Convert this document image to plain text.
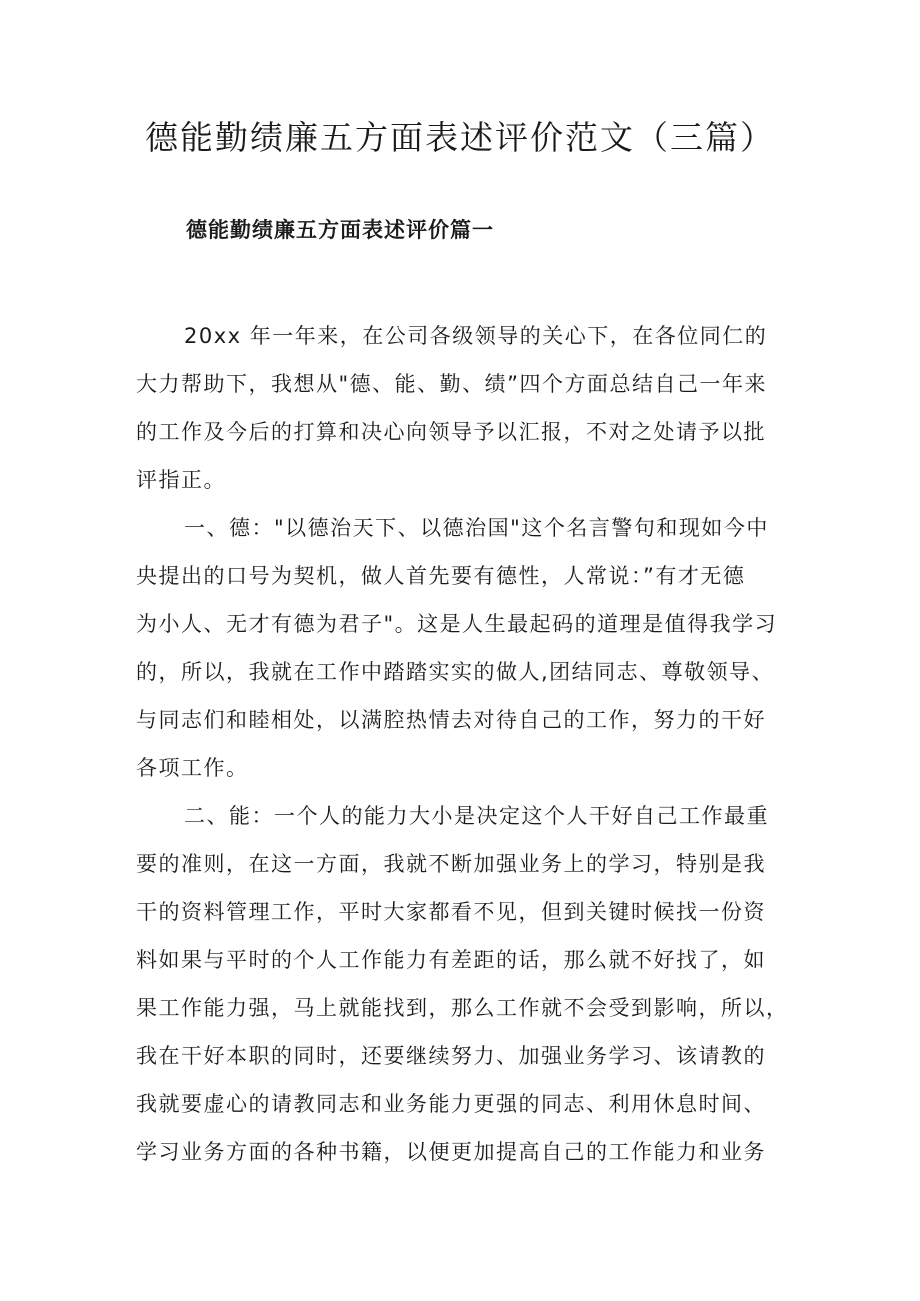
德能勤绩廉五方面表述评价范文（三篇）
德能勤绩廉五方面表述评价篇一
20xx 年一年来，在公司各级领导的关心下，在各位同仁的
大力帮助下，我想从"德、能、勤、绩”四个方面总结自己一年来
的工作及今后的打算和决心向领导予以汇报，不对之处请予以批
评指正。
一、德："以德治天下、以德治国"这个名言警句和现如今中
央提出的口号为契机，做人首先要有德性，人常说：”有才无德
为小人、无才有德为君子"。这是人生最起码的道理是值得我学习
的，所以，我就在工作中踏踏实实的做人,团结同志、尊敬领导、
与同志们和睦相处，以满腔热情去对待自己的工作，努力的干好
各项工作。
二、能：一个人的能力大小是决定这个人干好自己工作最重
要的准则，在这一方面，我就不断加强业务上的学习，特别是我
干的资料管理工作，平时大家都看不见，但到关键时候找一份资
料如果与平时的个人工作能力有差距的话，那么就不好找了，如
果工作能力强，马上就能找到，那么工作就不会受到影响，所以，
我在干好本职的同时，还要继续努力、加强业务学习、该请教的
我就要虚心的请教同志和业务能力更强的同志、利用休息时间、
学习业务方面的各种书籍，以便更加提高自己的工作能力和业务
